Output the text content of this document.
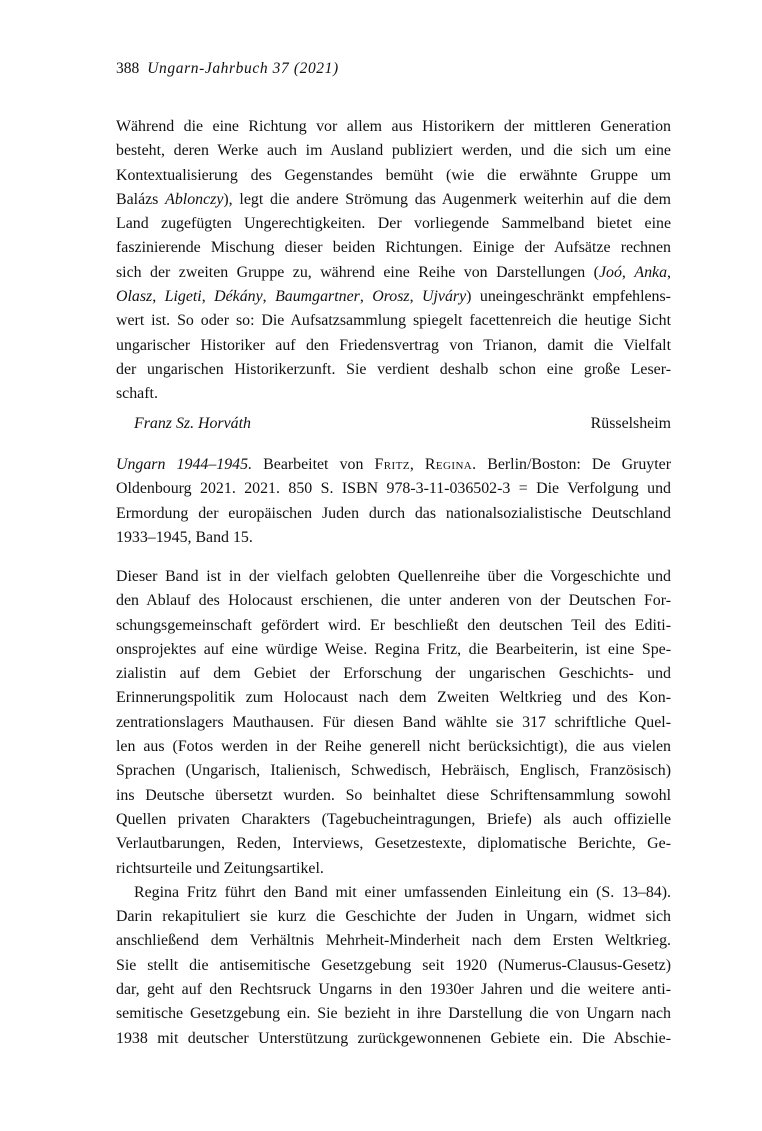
388 Ungarn-Jahrbuch 37 (2021)
Während die eine Richtung vor allem aus Historikern der mittleren Generation
besteht, deren Werke auch im Ausland publiziert werden, und die sich um eine
Kontextualisierung des Gegenstandes bemüht (wie die erwähnte Gruppe um
Balázs Ablonczy), legt die andere Strömung das Augenmerk weiterhin auf die dem
Land zugefügten Ungerechtigkeiten. Der vorliegende Sammelband bietet eine
faszinierende Mischung dieser beiden Richtungen. Einige der Aufsätze rechnen
sich der zweiten Gruppe zu, während eine Reihe von Darstellungen (Joó, Anka,
Olasz, Ligeti, Dékány, Baumgartner, Orosz, Ujváry) uneingeschränkt empfehlens-
wert ist. So oder so: Die Aufsatzsammlung spiegelt facettenreich die heutige Sicht
ungarischer Historiker auf den Friedensvertrag von Trianon, damit die Vielfalt
der ungarischen Historikerzunft. Sie verdient deshalb schon eine große Leser-
schaft.
Franz Sz. Horváth	Rüsselsheim
Ungarn 1944–1945. Bearbeitet von Fritz, Regina. Berlin/Boston: De Gruyter
Oldenbourg 2021. 2021. 850 S. ISBN 978-3-11-036502-3 = Die Verfolgung und
Ermordung der europäischen Juden durch das nationalsozialistische Deutschland
1933–1945, Band 15.
Dieser Band ist in der vielfach gelobten Quellenreihe über die Vorgeschichte und
den Ablauf des Holocaust erschienen, die unter anderen von der Deutschen For-
schungsgemeinschaft gefördert wird. Er beschließt den deutschen Teil des Editi-
onsprojektes auf eine würdige Weise. Regina Fritz, die Bearbeiterin, ist eine Spe-
zialistin auf dem Gebiet der Erforschung der ungarischen Geschichts- und
Erinnerungspolitik zum Holocaust nach dem Zweiten Weltkrieg und des Kon-
zentrationslagers Mauthausen. Für diesen Band wählte sie 317 schriftliche Quel-
len aus (Fotos werden in der Reihe generell nicht berücksichtigt), die aus vielen
Sprachen (Ungarisch, Italienisch, Schwedisch, Hebräisch, Englisch, Französisch)
ins Deutsche übersetzt wurden. So beinhaltet diese Schriftensammlung sowohl
Quellen privaten Charakters (Tagebucheintragungen, Briefe) als auch offizielle
Verlautbarungen, Reden, Interviews, Gesetzestexte, diplomatische Berichte, Ge-
richtsurteile und Zeitungsartikel.
Regina Fritz führt den Band mit einer umfassenden Einleitung ein (S. 13–84).
Darin rekapituliert sie kurz die Geschichte der Juden in Ungarn, widmet sich
anschließend dem Verhältnis Mehrheit-Minderheit nach dem Ersten Weltkrieg.
Sie stellt die antisemitische Gesetzgebung seit 1920 (Numerus-Clausus-Gesetz)
dar, geht auf den Rechtsruck Ungarns in den 1930er Jahren und die weitere anti-
semitische Gesetzgebung ein. Sie bezieht in ihre Darstellung die von Ungarn nach
1938 mit deutscher Unterstützung zurückgewonnenen Gebiete ein. Die Abschie-
